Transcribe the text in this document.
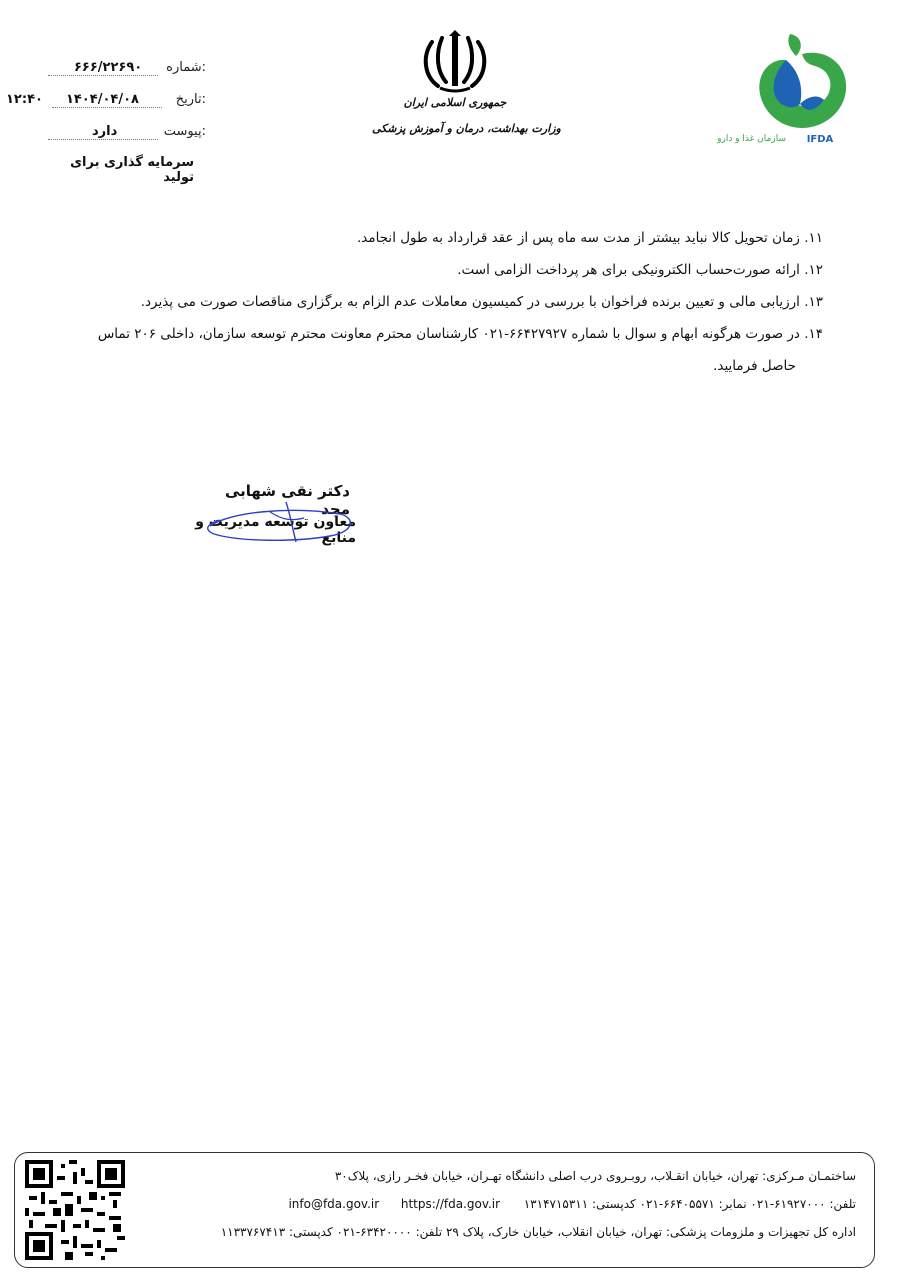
شماره:
۶۶۶/۲۲۶۹۰
تاریخ:
۱۲:۴۰ ۱۴۰۴/۰۴/۰۸
پیوست:
دارد
سرمایه گذاری برای تولید
جمهوری اسلامی ایران
وزارت بهداشت، درمان و آموزش پزشکی
سازمان غذا و دارو	IFDA
۱۱. زمان تحویل کالا نباید بیشتر از مدت سه ماه پس از عقد قرارداد به طول انجامد.
۱۲. ارائه صورت‌حساب الکترونیکی برای هر پرداخت الزامی است.
۱۳. ارزیابی مالی و تعیین برنده فراخوان با بررسی در کمیسیون معاملات عدم الزام به برگزاری مناقصات صورت می پذیرد.
۱۴. در صورت هرگونه ابهام و سوال با شماره ۶۶۴۲۷۹۲۷-۰۲۱ کارشناسان محترم معاونت محترم توسعه سازمان، داخلی ۲۰۶ تماس
حاصل فرمایید.
دکتر نقی شهابی مجد
معاون توسعه مدیریت و منابع
ساختمـان مـرکزی: تهران، خیابان انقـلاب، روبـروی درب اصلی دانشگاه تهـران، خیابان فخـر رازی، پلاک۳۰
تلفن: ۶۱۹۲۷۰۰۰-۰۲۱ نمابر: ۶۶۴۰۵۵۷۱-۰۲۱ کدپستی: ۱۳۱۴۷۱۵۳۱۱  info@fda.gov.ir https://fda.gov.ir
اداره کل تجهیزات و ملزومات پزشکی: تهران، خیابان انقلاب، خیابان خارک، پلاک ۲۹ تلفن: ۶۳۴۲۰۰۰۰-۰۲۱ کدپستی: ۱۱۳۳۷۶۷۴۱۳
